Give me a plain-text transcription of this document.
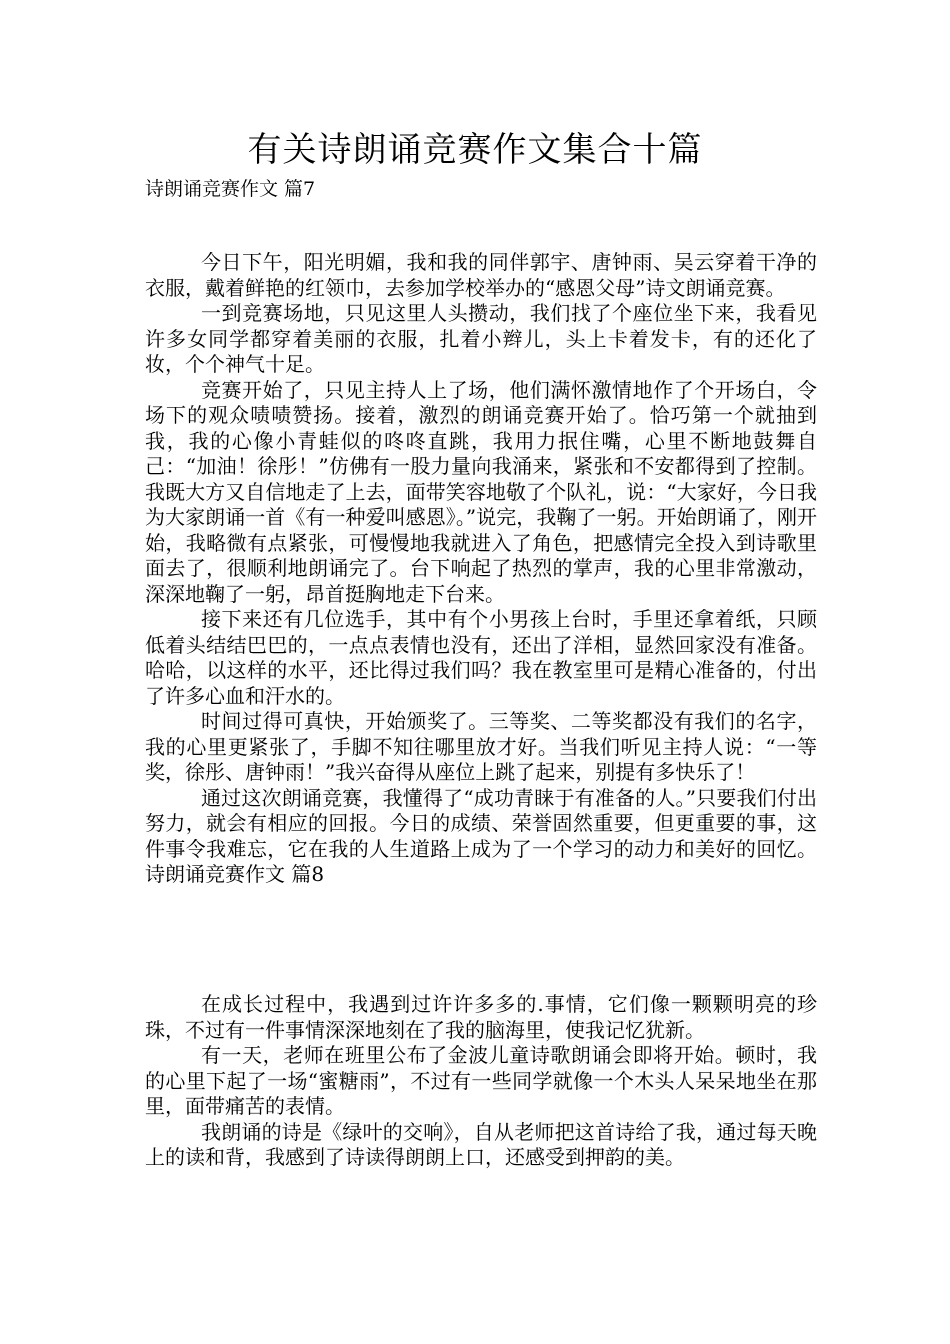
有关诗朗诵竞赛作文集合十篇

诗朗诵竞赛作文 篇7

今日下午，阳光明媚，我和我的同伴郭宇、唐钟雨、吴云穿着干净的衣服，戴着鲜艳的红领巾，去参加学校举办的“感恩父母”诗文朗诵竞赛。

一到竞赛场地，只见这里人头攒动，我们找了个座位坐下来，我看见许多女同学都穿着美丽的衣服，扎着小辫儿，头上卡着发卡，有的还化了妆，个个神气十足。

竞赛开始了，只见主持人上了场，他们满怀激情地作了个开场白，令场下的观众啧啧赞扬。接着，激烈的朗诵竞赛开始了。恰巧第一个就抽到我，我的心像小青蛙似的咚咚直跳，我用力抿住嘴，心里不断地鼓舞自己：“加油！徐彤！”仿佛有一股力量向我涌来，紧张和不安都得到了控制。我既大方又自信地走了上去，面带笑容地敬了个队礼，说：“大家好，今日我为大家朗诵一首《有一种爱叫感恩》。”说完，我鞠了一躬。开始朗诵了，刚开始，我略微有点紧张，可慢慢地我就进入了角色，把感情完全投入到诗歌里面去了，很顺利地朗诵完了。台下响起了热烈的掌声，我的心里非常激动，深深地鞠了一躬，昂首挺胸地走下台来。

接下来还有几位选手，其中有个小男孩上台时，手里还拿着纸，只顾低着头结结巴巴的，一点点表情也没有，还出了洋相，显然回家没有准备。哈哈，以这样的水平，还比得过我们吗？我在教室里可是精心准备的，付出了许多心血和汗水的。

时间过得可真快，开始颁奖了。三等奖、二等奖都没有我们的名字，我的心里更紧张了，手脚不知往哪里放才好。当我们听见主持人说：“一等奖，徐彤、唐钟雨！”我兴奋得从座位上跳了起来，别提有多快乐了！

通过这次朗诵竞赛，我懂得了“成功青睐于有准备的人。”只要我们付出努力，就会有相应的回报。今日的成绩、荣誉固然重要，但更重要的事，这件事令我难忘，它在我的人生道路上成为了一个学习的动力和美好的回忆。诗朗诵竞赛作文 篇8

在成长过程中，我遇到过许许多多的.事情，它们像一颗颗明亮的珍珠，不过有一件事情深深地刻在了我的脑海里，使我记忆犹新。

有一天，老师在班里公布了金波儿童诗歌朗诵会即将开始。顿时，我的心里下起了一场“蜜糖雨”，不过有一些同学就像一个木头人呆呆地坐在那里，面带痛苦的表情。

我朗诵的诗是《绿叶的交响》，自从老师把这首诗给了我，通过每天晚上的读和背，我感到了诗读得朗朗上口，还感受到押韵的美。
